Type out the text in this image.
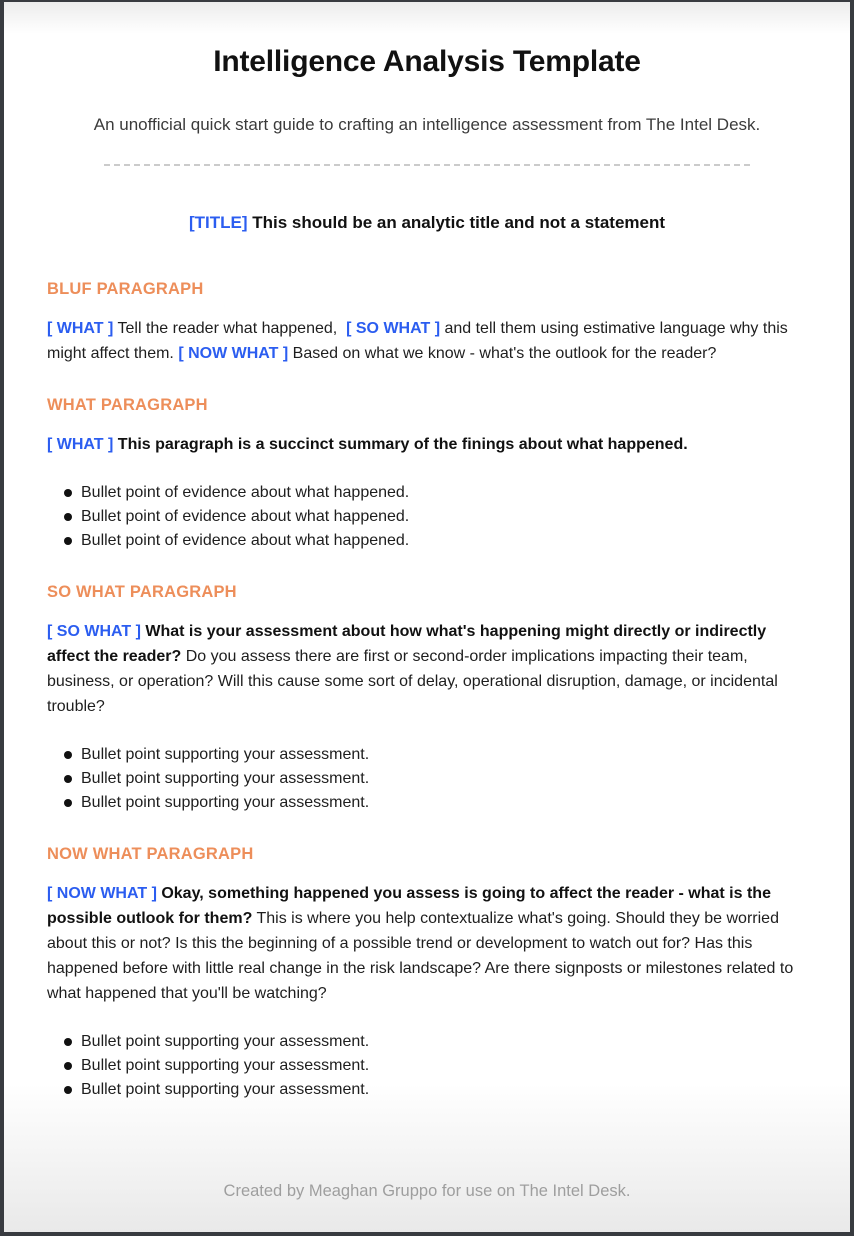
Intelligence Analysis Template

An unofficial quick start guide to crafting an intelligence assessment from The Intel Desk.

[TITLE] This should be an analytic title and not a statement

BLUF PARAGRAPH

[ WHAT ] Tell the reader what happened,  [ SO WHAT ] and tell them using estimative language why this might affect them. [ NOW WHAT ] Based on what we know - what's the outlook for the reader?

WHAT PARAGRAPH

[ WHAT ] This paragraph is a succinct summary of the finings about what happened.

Bullet point of evidence about what happened.
Bullet point of evidence about what happened.
Bullet point of evidence about what happened.
SO WHAT PARAGRAPH

[ SO WHAT ] What is your assessment about how what's happening might directly or indirectly affect the reader? Do you assess there are first or second-order implications impacting their team, business, or operation? Will this cause some sort of delay, operational disruption, damage, or incidental trouble?

Bullet point supporting your assessment.
Bullet point supporting your assessment.
Bullet point supporting your assessment.
NOW WHAT PARAGRAPH

[ NOW WHAT ] Okay, something happened you assess is going to affect the reader - what is the possible outlook for them? This is where you help contextualize what's going. Should they be worried about this or not? Is this the beginning of a possible trend or development to watch out for? Has this happened before with little real change in the risk landscape? Are there signposts or milestones related to what happened that you'll be watching?

Bullet point supporting your assessment.
Bullet point supporting your assessment.
Bullet point supporting your assessment.

Created by Meaghan Gruppo for use on The Intel Desk.
